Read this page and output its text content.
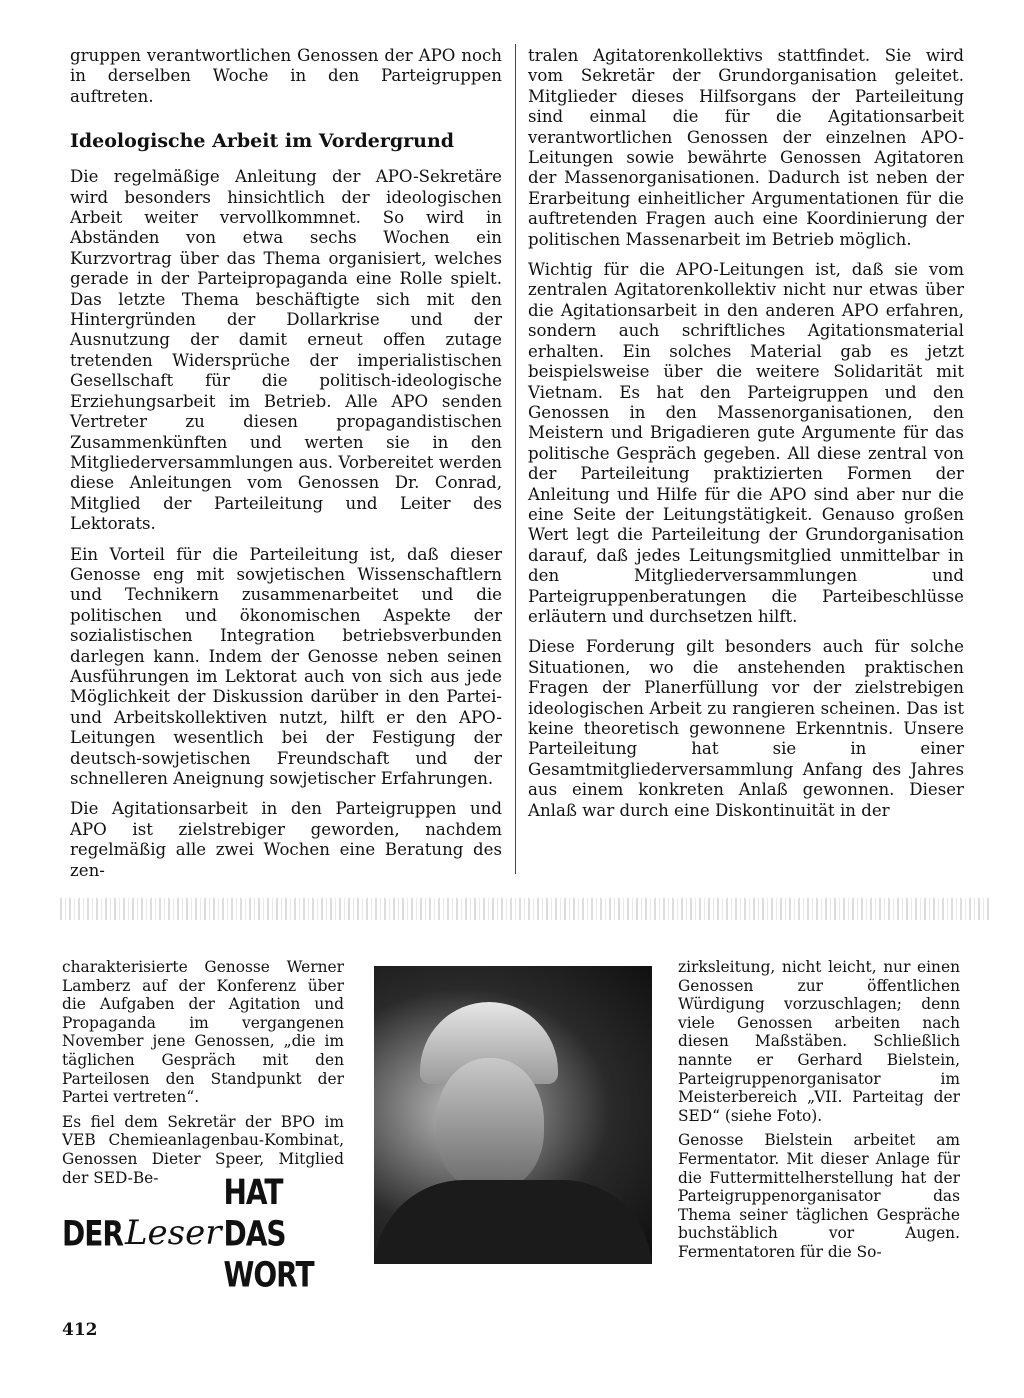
gruppen verantwortlichen Genossen der APO noch in derselben Woche in den Parteigruppen auftreten.

Ideologische Arbeit im Vordergrund

Die regelmäßige Anleitung der APO-Sekretäre wird besonders hinsichtlich der ideologischen Arbeit weiter vervollkommnet. So wird in Abständen von etwa sechs Wochen ein Kurzvortrag über das Thema organisiert, welches gerade in der Parteipropaganda eine Rolle spielt. Das letzte Thema beschäftigte sich mit den Hintergründen der Dollarkrise und der Ausnutzung der damit erneut offen zutage tretenden Widersprüche der imperialistischen Gesellschaft für die politisch-ideologische Erziehungsarbeit im Betrieb. Alle APO senden Vertreter zu diesen propagandistischen Zusammenkünften und werten sie in den Mitgliederversammlungen aus. Vorbereitet werden diese Anleitungen vom Genossen Dr. Conrad, Mitglied der Parteileitung und Leiter des Lektorats.

Ein Vorteil für die Parteileitung ist, daß dieser Genosse eng mit sowjetischen Wissenschaftlern und Technikern zusammenarbeitet und die politischen und ökonomischen Aspekte der sozialistischen Integration betriebsverbunden darlegen kann. Indem der Genosse neben seinen Ausführungen im Lektorat auch von sich aus jede Möglichkeit der Diskussion darüber in den Partei- und Arbeitskollektiven nutzt, hilft er den APO-Leitungen wesentlich bei der Festigung der deutsch-sowjetischen Freundschaft und der schnelleren Aneignung sowjetischer Erfahrungen.

Die Agitationsarbeit in den Parteigruppen und APO ist zielstrebiger geworden, nachdem regelmäßig alle zwei Wochen eine Beratung des zen-

tralen Agitatorenkollektivs stattfindet. Sie wird vom Sekretär der Grundorganisation geleitet. Mitglieder dieses Hilfsorgans der Parteileitung sind einmal die für die Agitationsarbeit verantwortlichen Genossen der einzelnen APO-Leitungen sowie bewährte Genossen Agitatoren der Massenorganisationen. Dadurch ist neben der Erarbeitung einheitlicher Argumentationen für die auftretenden Fragen auch eine Koordinierung der politischen Massenarbeit im Betrieb möglich.

Wichtig für die APO-Leitungen ist, daß sie vom zentralen Agitatorenkollektiv nicht nur etwas über die Agitationsarbeit in den anderen APO erfahren, sondern auch schriftliches Agitationsmaterial erhalten. Ein solches Material gab es jetzt beispielsweise über die weitere Solidarität mit Vietnam. Es hat den Parteigruppen und den Genossen in den Massenorganisationen, den Meistern und Brigadieren gute Argumente für das politische Gespräch gegeben. All diese zentral von der Parteileitung praktizierten Formen der Anleitung und Hilfe für die APO sind aber nur die eine Seite der Leitungstätigkeit. Genauso großen Wert legt die Parteileitung der Grundorganisation darauf, daß jedes Leitungsmitglied unmittelbar in den Mitgliederversammlungen und Parteigruppenberatungen die Parteibeschlüsse erläutern und durchsetzen hilft.

Diese Forderung gilt besonders auch für solche Situationen, wo die anstehenden praktischen Fragen der Planerfüllung vor der zielstrebigen ideologischen Arbeit zu rangieren scheinen. Das ist keine theoretisch gewonnene Erkenntnis. Unsere Parteileitung hat sie in einer Gesamtmitgliederversammlung Anfang des Jahres aus einem konkreten Anlaß gewonnen. Dieser Anlaß war durch eine Diskontinuität in der

charakterisierte Genosse Werner Lamberz auf der Konferenz über die Aufgaben der Agitation und Propaganda im vergangenen November jene Genossen, „die im täglichen Gespräch mit den Parteilosen den Standpunkt der Partei vertreten“.

Es fiel dem Sekretär der BPO im VEB Chemieanlagenbau-Kombinat, Genossen Dieter Speer, Mitglied der SED-Be-

zirksleitung, nicht leicht, nur einen Genossen zur öffentlichen Würdigung vorzuschlagen; denn viele Genossen arbeiten nach diesen Maßstäben. Schließlich nannte er Gerhard Bielstein, Parteigruppenorganisator im Meisterbereich „VII. Parteitag der SED“ (siehe Foto).

Genosse Bielstein arbeitet am Fermentator. Mit dieser Anlage für die Futtermittelherstellung hat der Parteigruppenorganisator das Thema seiner täglichen Gespräche buchstäblich vor Augen. Fermentatoren für die So-

DER Leser
HAT DAS WORT
412
